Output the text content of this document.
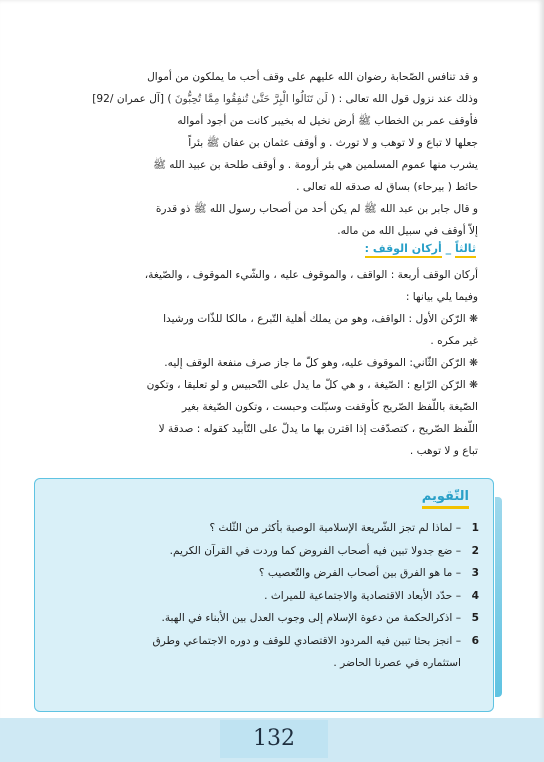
و قد تنافس الصّحابة رضوان الله عليهم على وقف أحب ما يملكون من أموال

وذلك عند نزول قول الله تعالى : ( لَن تَنَالُوا الْبِرَّ حَتَّىٰ تُنفِقُوا مِمَّا تُحِبُّونَ ) [آل عمران /92]

فأوقف عمر بن الخطاب ﷺ أرض نخيل له بخيبر كانت من أجود أمواله

جعلها لا تباع و لا توهب و لا تورث . و أوقف عثمان بن عفان ﷺ بئراً

يشرب منها عموم المسلمين هي بئر أرومة . و أوقف طلحة بن عبيد الله ﷺ

حائط ( بيرحاء) بساق له صدقه لله تعالى .

و قال جابر بن عبد الله ﷺ لم يكن أحد من أصحاب رسول الله ﷺ ذو قدرة

إلاّ أوقف في سبيل الله من ماله.

ثالثاً _ أركان الوقف :

أركان الوقف أربعة : الواقف ، والموقوف عليه ، والشّيء الموقوف ، والصّيغة،

وفيما يلي بيانها :

❋ الرّكن الأول : الواقف، وهو من يملك أهلية التّبرع ، مالكا للذّات ورشيدا

غير مكره .

❋ الرّكن الثّاني: الموقوف عليه، وهو كلّ ما جاز صرف منفعة الوقف إليه.

❋ الرّكن الرّابع : الصّيغة ، و هي كلّ ما يدل على التّحبيس و لو تعليقا ، وتكون

الصّيغة باللّفظ الصّريح كأوقفت وسبّلت وحبست ، وتكون الصّيغة بغير

اللّفظ الصّريح ، كتصدّقت إذا اقترن بها ما يدلّ على التّأبيد كقوله : صدقة لا

تباع و لا توهب .

التّقويم
1
– لماذا لم تجز الشّريعة الإسلامية الوصية بأكثر من الثّلث ؟
2
– ضع جدولا تبين فيه أصحاب الفروض كما وردت في القرآن الكريم.
3
– ما هو الفرق بين أصحاب الفرض والتّعصيب ؟
4
– حدّد الأبعاد الاقتصادية والاجتماعية للميراث .
5
– اذكرالحكمة من دعوة الإسلام إلى وجوب العدل بين الأبناء في الهبة.
6
– انجز بحثا تبين فيه المردود الاقتصادي للوقف و دوره الاجتماعي وطرق
استثماره في عصرنا الحاضر .
132
